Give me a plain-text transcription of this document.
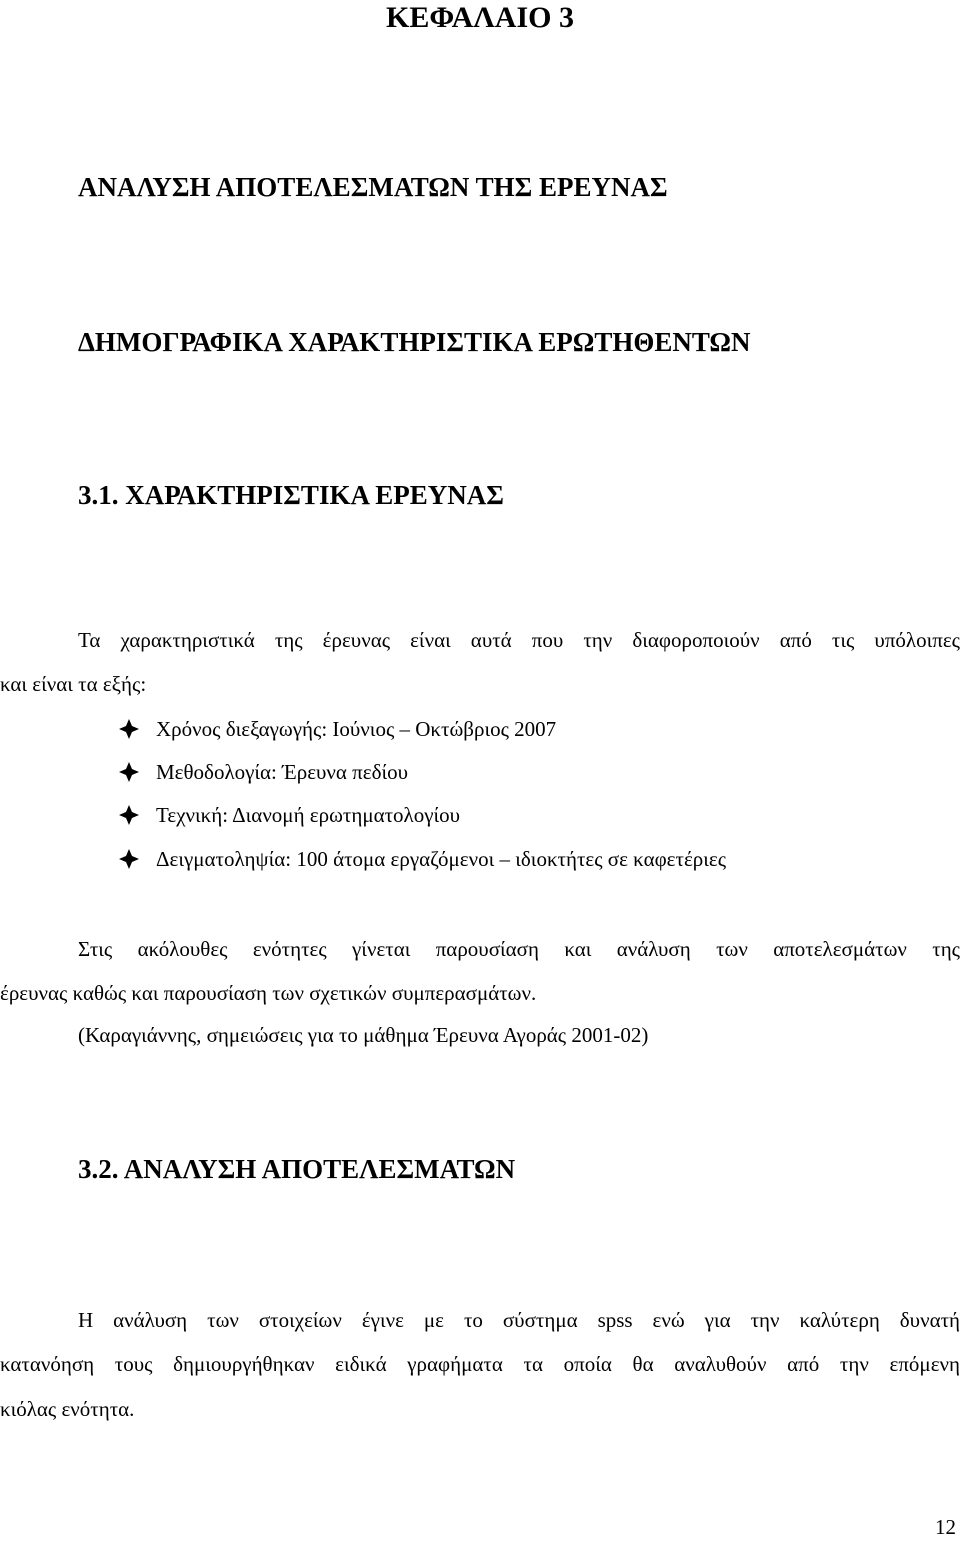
ΚΕΦΑΛΑΙΟ 3
ΑΝΑΛΥΣΗ ΑΠΟΤΕΛΕΣΜΑΤΩΝ ΤΗΣ ΕΡΕΥΝΑΣ
ΔΗΜΟΓΡΑΦΙΚΑ ΧΑΡΑΚΤΗΡΙΣΤΙΚΑ ΕΡΩΤΗΘΕΝΤΩΝ
3.1. ΧΑΡΑΚΤΗΡΙΣΤΙΚΑ ΕΡΕΥΝΑΣ
Τα χαρακτηριστικά της έρευνας είναι αυτά που την διαφοροποιούν από τις υπόλοιπες
και είναι τα εξής:
Χρόνος διεξαγωγής: Ιούνιος – Οκτώβριος 2007
Μεθοδολογία: Έρευνα πεδίου
Τεχνική: Διανομή ερωτηματολογίου
Δειγματοληψία: 100 άτομα εργαζόμενοι – ιδιοκτήτες σε καφετέριες
Στις ακόλουθες ενότητες γίνεται παρουσίαση και ανάλυση των αποτελεσμάτων της
έρευνας καθώς και παρουσίαση των σχετικών συμπερασμάτων.
(Καραγιάννης, σημειώσεις για το μάθημα Έρευνα Αγοράς 2001-02)
3.2. ΑΝΑΛΥΣΗ ΑΠΟΤΕΛΕΣΜΑΤΩΝ
Η ανάλυση των στοιχείων έγινε με το σύστημα spss ενώ για την καλύτερη δυνατή
κατανόηση τους δημιουργήθηκαν ειδικά γραφήματα τα οποία θα αναλυθούν από την επόμενη
κιόλας ενότητα.
12
